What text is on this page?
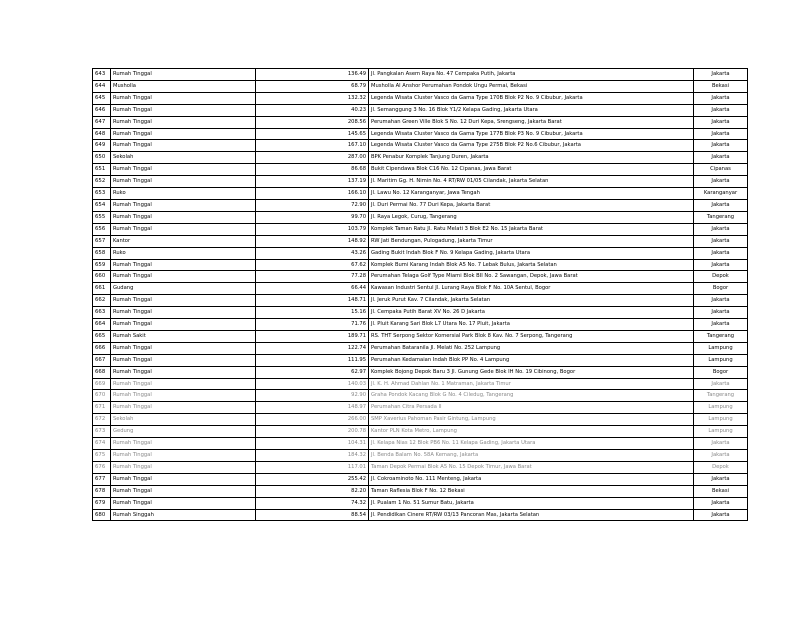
643	Rumah Tinggal	136.49	Jl. Pangkalan Asem Raya No. 47 Cempaka Putih, Jakarta	Jakarta
644	Musholla	68.79	Musholla Al Anshor Perumahan Pondok Ungu Permai, Bekasi	Bekasi
645	Rumah Tinggal	132.32	Legenda Wisata Cluster Vasco da Gama Type 170B Blok P2 No. 9 Cibubur, Jakarta	Jakarta
646	Rumah Tinggal	40.23	Jl. Semanggung 3 No. 16 Blok Y1/2 Kelapa Gading, Jakarta Utara	Jakarta
647	Rumah Tinggal	208.56	Perumahan Green Ville Blok S No. 12 Duri Kepa, Srengseng, Jakarta Barat	Jakarta
648	Rumah Tinggal	145.65	Legenda Wisata Cluster Vasco da Gama Type 177B Blok P3 No. 9 Cibubur, Jakarta	Jakarta
649	Rumah Tinggal	167.10	Legenda Wisata Cluster Vasco da Gama Type 275B Blok P2 No.6 Cibubur, Jakarta	Jakarta
650	Sekolah	287.00	BPK Penabur Komplek Tanjung Duren, Jakarta	Jakarta
651	Rumah Tinggal	86.68	Bukit Cipendawa Blok C16 No. 12 Cipanas, Jawa Barat	Cipanas
652	Rumah Tinggal	137.19	Jl. Maritim Gg. H. Nimin No. 4 RT/RW 01/05 Cilandak, Jakarta Selatan	Jakarta
653	Ruko	166.10	Jl. Lawu No. 12 Karanganyar, Jawa Tengah	Karanganyar
654	Rumah Tinggal	72.90	Jl. Duri Permai No. 77 Duri Kepa, Jakarta Barat	Jakarta
655	Rumah Tinggal	99.70	Jl. Raya Legok, Curug, Tangerang	Tangerang
656	Rumah Tinggal	103.79	Komplek Taman Ratu Jl. Ratu Melati 3 Blok E2 No. 15 Jakarta Barat	Jakarta
657	Kantor	148.92	RW Jati Bendungan, Pulogadung, Jakarta Timur	Jakarta
658	Ruko	43.26	Gading Bukit Indah Blok F No. 9 Kelapa Gading, Jakarta Utara	Jakarta
659	Rumah Tinggal	67.62	Komplek Bumi Karang Indah Blok A5 No. 7 Lebak Bulus, Jakarta Selatan	Jakarta
660	Rumah Tinggal	77.28	Perumahan Telaga Golf Type Miami Blok BII No. 2 Sawangan, Depok, Jawa Barat	Depok
661	Gudang	66.44	Kawasan Industri Sentul Jl. Lurang Raya Blok F No. 10A Sentul, Bogor	Bogor
662	Rumah Tinggal	148.71	Jl. Jeruk Purut Kav. 7 Cilandak, Jakarta Selatan	Jakarta
663	Rumah Tinggal	15.16	Jl. Cempaka Putih Barat XV No. 26 D Jakarta	Jakarta
664	Rumah Tinggal	71.76	Jl. Pluit Karang Sari Blok L7 Utara No. 17 Pluit, Jakarta	Jakarta
665	Rumah Sakit	189.71	RS. THT Serpong Sektor Komersial Park Blok 8 Kav. No. 7 Serpong, Tangerang	Tangerang
666	Rumah Tinggal	122.74	Perumahan Bataranila Jl. Melati No. 252 Lampung	Lampung
667	Rumah Tinggal	111.95	Perumahan Kedamaian Indah Blok PP No. 4 Lampung	Lampung
668	Rumah Tinggal	62.97	Komplek Bojong Depok Baru 3 Jl. Gunung Gede Blok IH No. 19 Cibinong, Bogor	Bogor
669	Rumah Tinggal	140.03	Jl. K. H. Ahmad Dahlan No. 1 Matraman, Jakarta Timur	Jakarta
670	Rumah Tinggal	92.90	Graha Pondok Kacang Blok G No. 4 Ciledug, Tangerang	Tangerang
671	Rumah Tinggal	148.97	Perumahan Citra Persada II	Lampung
672	Sekolah	266.00	SMP Xaverius Pahoman Pasir Gintung, Lampung	Lampung
673	Gedung	200.78	Kantor PLN Kota Metro, Lampung	Lampung
674	Rumah Tinggal	104.31	Jl. Kelapa Nias 12 Blok PB6 No. 11 Kelapa Gading, Jakarta Utara	Jakarta
675	Rumah Tinggal	184.32	Jl. Benda Balam No. 58A Kemang, Jakarta	Jakarta
676	Rumah Tinggal	117.01	Taman Depok Permai Blok A5 No. 15 Depok Timur, Jawa Barat	Depok
677	Rumah Tinggal	255.42	Jl. Cokroaminoto No. 111 Menteng, Jakarta	Jakarta
678	Rumah Tinggal	82.20	Taman Raflesia Blok F No. 12 Bekasi	Bekasi
679	Rumah Tinggal	74.32	Jl. Pualam 1 No. 51 Sumur Batu, Jakarta	Jakarta
680	Rumah Singgah	88.54	Jl. Pendidikan Cinere RT/RW 03/13 Pancoran Mas, Jakarta Selatan	Jakarta
